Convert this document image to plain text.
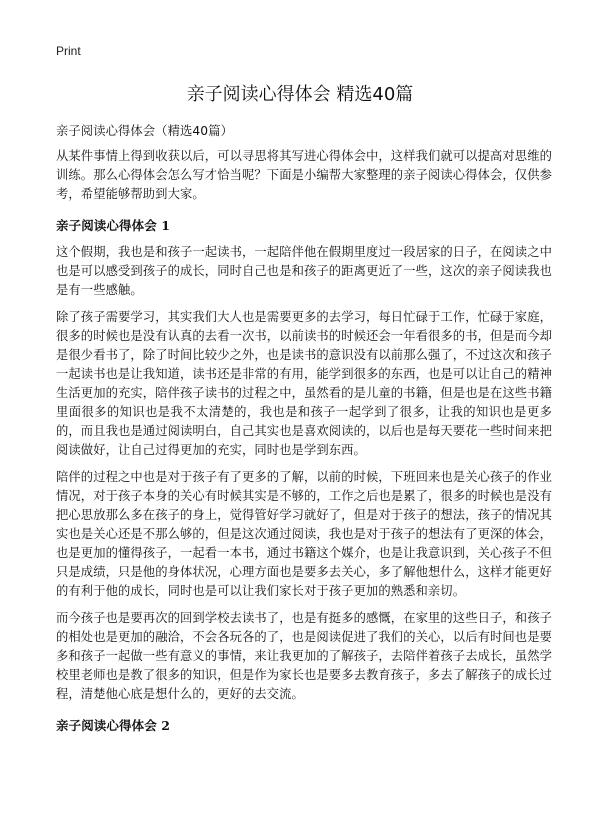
Print
亲子阅读心得体会 精选40篇

亲子阅读心得体会（精选40篇）

从某件事情上得到收获以后，可以寻思将其写进心得体会中，这样我们就可以提高对思维的训练。那么心得体会怎么写才恰当呢？下面是小编帮大家整理的亲子阅读心得体会，仅供参考，希望能够帮助到大家。

亲子阅读心得体会 1

这个假期，我也是和孩子一起读书，一起陪伴他在假期里度过一段居家的日子，在阅读之中也是可以感受到孩子的成长，同时自己也是和孩子的距离更近了一些，这次的亲子阅读我也是有一些感触。

除了孩子需要学习，其实我们大人也是需要更多的去学习，每日忙碌于工作，忙碌于家庭，很多的时候也是没有认真的去看一次书，以前读书的时候还会一年看很多的书，但是而今却是很少看书了，除了时间比较少之外，也是读书的意识没有以前那么强了，不过这次和孩子一起读书也是让我知道，读书还是非常的有用，能学到很多的东西，也是可以让自己的精神生活更加的充实，陪伴孩子读书的过程之中，虽然看的是儿童的书籍，但是也是在这些书籍里面很多的知识也是我不太清楚的，我也是和孩子一起学到了很多，让我的知识也是更多的，而且我也是通过阅读明白，自己其实也是喜欢阅读的，以后也是每天要花一些时间来把阅读做好，让自己过得更加的充实，同时也是学到东西。

陪伴的过程之中也是对于孩子有了更多的了解，以前的时候，下班回来也是关心孩子的作业情况，对于孩子本身的关心有时候其实是不够的，工作之后也是累了，很多的时候也是没有把心思放那么多在孩子的身上，觉得管好学习就好了，但是对于孩子的想法，孩子的情况其实也是关心还是不那么够的，但是这次通过阅读，我也是对于孩子的想法有了更深的体会，也是更加的懂得孩子，一起看一本书，通过书籍这个媒介，也是让我意识到，关心孩子不但只是成绩，只是他的身体状况，心理方面也是要多去关心，多了解他想什么，这样才能更好的有利于他的成长，同时也是可以让我们家长对于孩子更加的熟悉和亲切。

而今孩子也是要再次的回到学校去读书了，也是有挺多的感慨，在家里的这些日子，和孩子的相处也是更加的融洽，不会各玩各的了，也是阅读促进了我们的关心，以后有时间也是要多和孩子一起做一些有意义的事情，来让我更加的了解孩子，去陪伴着孩子去成长，虽然学校里老师也是教了很多的知识，但是作为家长也是要多去教育孩子，多去了解孩子的成长过程，清楚他心底是想什么的，更好的去交流。

亲子阅读心得体会 2
